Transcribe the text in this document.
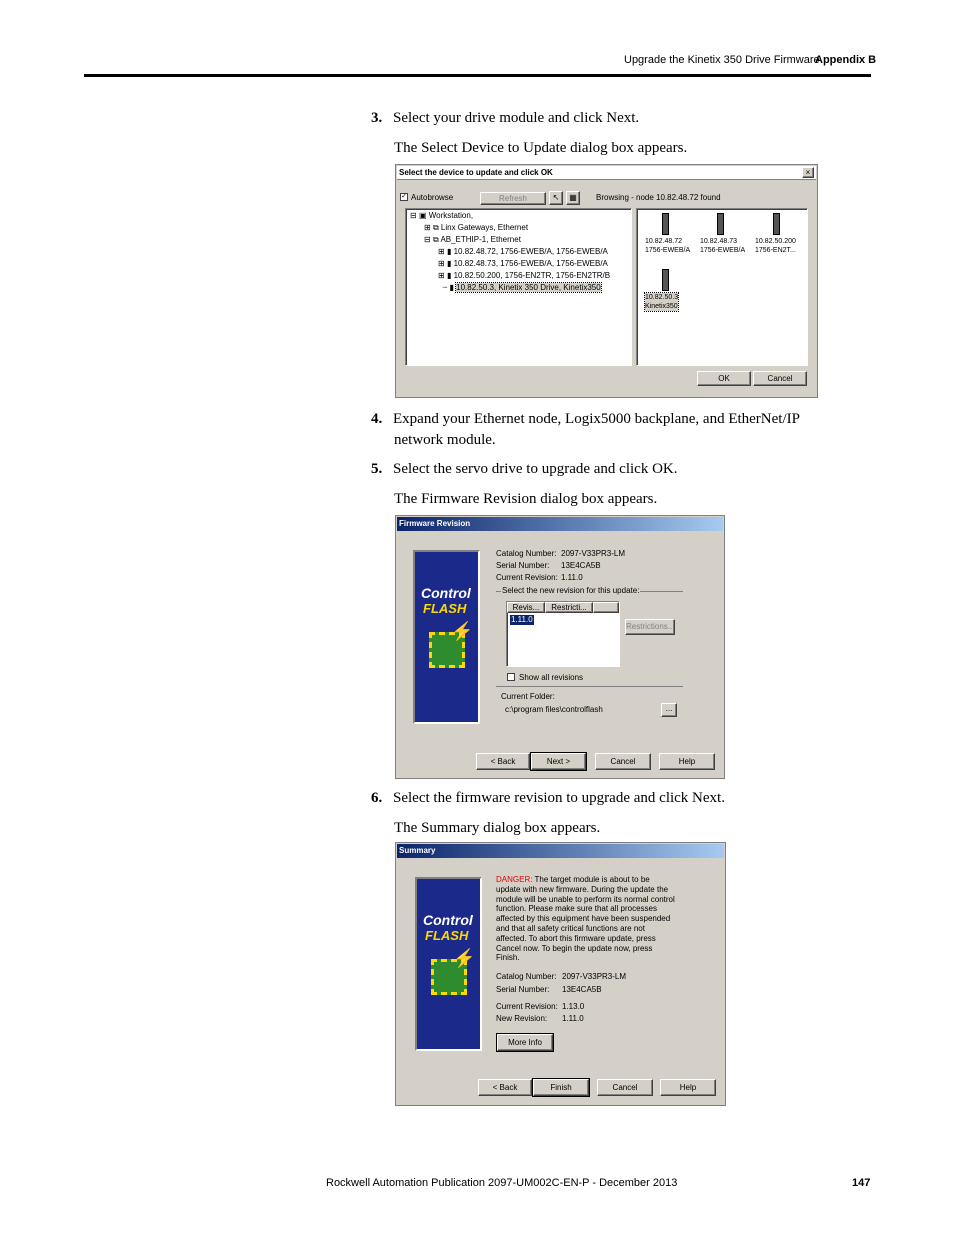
Upgrade the Kinetix 350 Drive Firmware
Appendix B
3. Select your drive module and click Next.
The Select Device to Update dialog box appears.
Select the device to update and click OK	×
✓ Autobrowse	Refresh	↖	▦	Browsing - node 10.82.48.72 found
⊟ ▣ Workstation,
⊞ ⧉ Linx Gateways, Ethernet
⊟ ⧉ AB_ETHIP-1, Ethernet
⊞ ▮ 10.82.48.72, 1756-EWEB/A, 1756-EWEB/A
⊞ ▮ 10.82.48.73, 1756-EWEB/A, 1756-EWEB/A
⊞ ▮ 10.82.50.200, 1756-EN2TR, 1756-EN2TR/B
┈ ▮ 10.82.50.3, Kinetix 350 Drive, Kinetix350
10.82.48.72
1756-EWEB/A
10.82.48.73
1756-EWEB/A
10.82.50.200
1756-EN2T...
10.82.50.3
Kinetix350
OK	Cancel
4. Expand your Ethernet node, Logix5000 backplane, and EtherNet/IP
network module.
5. Select the servo drive to upgrade and click OK.
The Firmware Revision dialog box appears.
Firmware Revision
Control
FLASH
⚡
Catalog Number: 2097-V33PR3-LM
Serial Number: 13E4CA5B
Current Revision: 1.11.0
Select the new revision for this update:
Revis...	Restricti...
1.11.0
Restrictions...
Show all revisions
Current Folder:
c:\program files\controlflash	...
< Back	Next >	Cancel	Help
6. Select the firmware revision to upgrade and click Next.
The Summary dialog box appears.
Summary
Control
FLASH
⚡
DANGER: The target module is about to be
update with new firmware. During the update the
module will be unable to perform its normal control
function. Please make sure that all processes
affected by this equipment have been suspended
and that all safety critical functions are not
affected. To abort this firmware update, press
Cancel now. To begin the update now, press
Finish.
Catalog Number: 2097-V33PR3-LM
Serial Number: 13E4CA5B
Current Revision: 1.13.0
New Revision: 1.11.0
More Info
< Back	Finish	Cancel	Help
Rockwell Automation Publication 2097-UM002C-EN-P - December 2013	147
